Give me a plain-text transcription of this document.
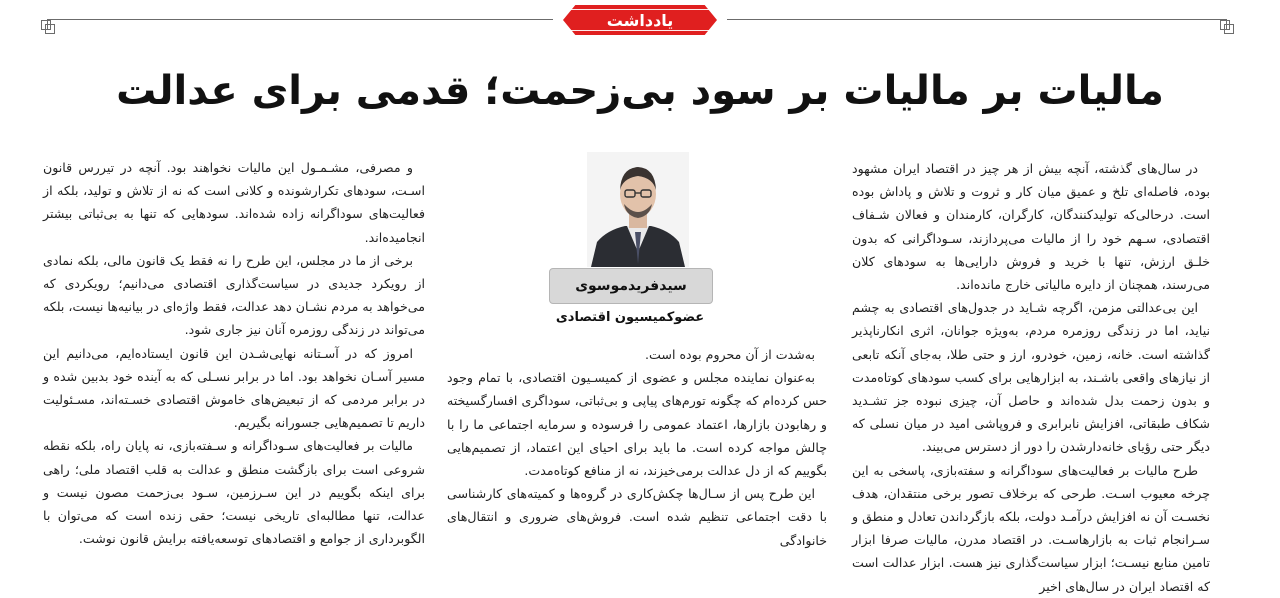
یادداشت
مالیات بر مالیات بر سود بی‌زحمت؛ قدمی برای عدالت

در سال‌های گذشته، آنچه بیش از هر چیز در اقتصاد ایران مشهود بوده، فاصله‌ای تلخ و عمیق میان کار و ثروت و تلاش و پاداش بوده است. درحالی‌که تولیدکنندگان، کارگران، کارمندان و فعالان شـفاف اقتصادی، سـهم خود را از مالیات می‌پردازند، سـوداگرانی که بدون خلـق ارزش، تنها با خرید و فروش دارایی‌ها به سودهای کلان می‌رسند، همچنان از دایره مالیاتی خارج مانده‌اند.

این بی‌عدالتی مزمن، اگرچه شـاید در جدول‌های اقتصادی به چشم نیاید، اما در زندگی روزمره مردم، به‌ویژه جوانان، اثری انکارناپذیر گذاشته است. خانه، زمین، خودرو، ارز و حتی طلا، به‌جای آنکه تابعی از نیازهای واقعی باشـند، به ابزارهایی برای کسب سودهای کوتاه‌مدت و بدون زحمت بدل شده‌اند و حاصل آن، چیزی نبوده جز تشـدید شکاف طبقاتی، افزایش نابرابری و فروپاشی امید در میان نسلی که دیگر حتی رؤیای خانه‌دارشدن را دور از دسترس می‌بیند.

طرح مالیات بر فعالیت‌های سوداگرانه و سفته‌بازی، پاسخی به این چرخه معیوب اسـت. طرحی که برخلاف تصور برخی منتقدان، هدف نخسـت آن نه افزایش درآمـد دولت، بلکه بازگرداندن تعادل و منطق و سـرانجام ثبات به بازارهاسـت. در اقتصاد مدرن، مالیات صرفا ابزار تامین منابع نیسـت؛ ابزار سیاست‌گذاری نیز هست. ابزار عدالت است که اقتصاد ایران در سال‌های اخیر

سیدفریدموسوی
عضوکمیسیون اقتصادی

به‌شدت از آن محروم بوده است.

به‌عنوان نماینده مجلس و عضوی از کمیسـیون اقتصادی، با تمام وجود حس کرده‌ام که چگونه تورم‌های پیاپی و بی‌ثباتی، سوداگری افسارگسیخته و رهابودن بازارها، اعتماد عمومی را فرسوده و سرمایه اجتماعی ما را با چالش مواجه کرده است. ما باید برای احیای این اعتماد، از تصمیم‌هایی بگوییم که از دل عدالت برمی‌خیزند، نه از منافع کوتاه‌مدت.

این طرح پس از سـال‌ها چکش‌کاری در گروه‌ها و کمیته‌های کارشناسی با دقت اجتماعی تنظیم شده است. فروش‌های ضروری و انتقال‌های خانوادگی

و مصرفی، مشـمـول این مالیات نخواهند بود. آنچه در تیررس قانون اسـت، سودهای تکرارشونده و کلانی است که نه از تلاش و تولید، بلکه از فعالیت‌های سوداگرانه زاده شده‌اند. سودهایی که تنها به بی‌ثباتی بیشتر انجامیده‌اند.

برخی از ما در مجلس، این طرح را نه فقط یک قانون مالی، بلکه نمادی از رویکرد جدیدی در سیاست‌گذاری اقتصادی می‌دانیم؛ رویکردی که می‌خواهد به مردم نشـان دهد عدالت، فقط واژه‌ای در بیانیه‌ها نیست، بلکه می‌تواند در زندگی روزمره آنان نیز جاری شود.

امروز که در آسـتانه نهایی‌شـدن این قانون ایستاده‌ایم، می‌دانیم این مسیر آسـان نخواهد بود. اما در برابر نسـلی که به آینده خود بدبین شده و در برابر مردمی که از تبعیض‌های خاموش اقتصادی خسـته‌اند، مسـئولیت داریم تا تصمیم‌هایی جسورانه بگیریم.

مالیات بر فعالیت‌های سـوداگرانه و سـفته‌بازی، نه پایان راه، بلکه نقطه شروعی است برای بازگشت منطق و عدالت به قلب اقتصاد ملی؛ راهی برای اینکه بگوییم در این سـرزمین، سـود بی‌زحمت مصون نیست و عدالت، تنها مطالبه‌ای تاریخی نیست؛ حقی زنده است که می‌توان با الگوبرداری از جوامع و اقتصادهای توسعه‌یافته برایش قانون نوشت.
